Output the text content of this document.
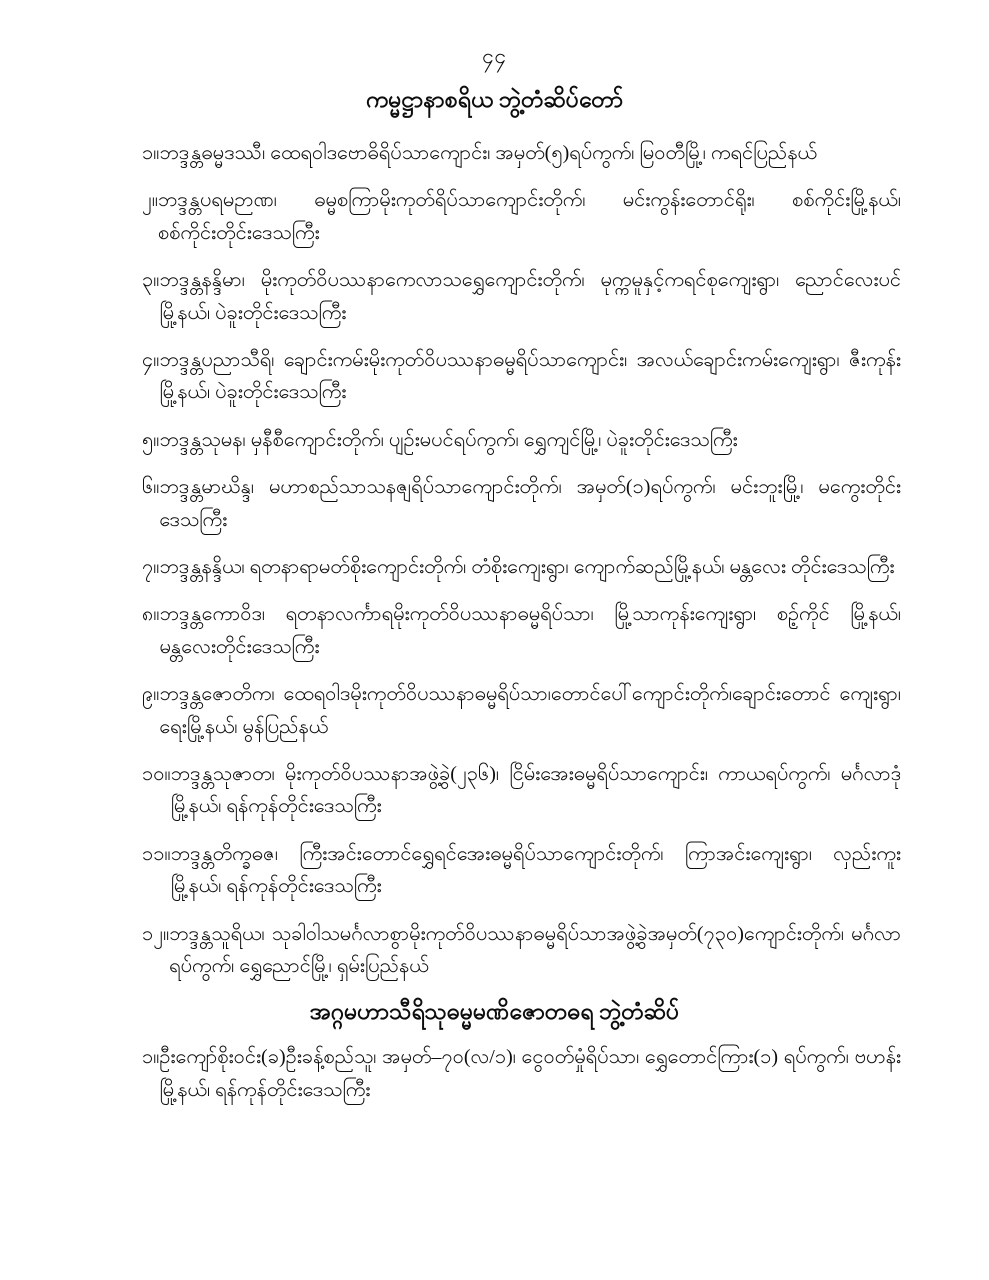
၄၄
ကမ္မဋ္ဌာနာစရိယ ဘွဲ့တံဆိပ်တော်
၁။ ဘဒ္ဒန္တဓမ္မဒဿီ၊ ထေရဝါဒဗောဓိရိပ်သာကျောင်း၊ အမှတ်(၅)ရပ်ကွက်၊ မြဝတီမြို့၊ ကရင်ပြည်နယ်
၂။ ဘဒ္ဒန္တပရမဉာဏ၊ ဓမ္မစကြာမိုးကုတ်ရိပ်သာကျောင်းတိုက်၊ မင်းကွန်းတောင်ရိုး၊ စစ်ကိုင်းမြို့နယ်၊ စစ်ကိုင်းတိုင်းဒေသကြီး
၃။ ဘဒ္ဒန္တနန္ဒိမာ၊ မိုးကုတ်ဝိပဿနာကေလာသရွှေကျောင်းတိုက်၊ မုက္ကမူနှင့်ကရင်စုကျေးရွာ၊ ညောင်လေးပင်မြို့နယ်၊ ပဲခူးတိုင်းဒေသကြီး
၄။ ဘဒ္ဒန္တပညာသီရိ၊ ချောင်းကမ်းမိုးကုတ်ဝိပဿနာဓမ္မရိပ်သာကျောင်း၊ အလယ်ချောင်းကမ်းကျေးရွာ၊ ဇီးကုန်းမြို့နယ်၊ ပဲခူးတိုင်းဒေသကြီး
၅။ ဘဒ္ဒန္တသုမန၊ မှနီစီကျောင်းတိုက်၊ ပျဉ်းမပင်ရပ်ကွက်၊ ရွှေကျင်မြို့၊ ပဲခူးတိုင်းဒေသကြီး
၆။ ဘဒ္ဒန္တမာဃိန္ဒ၊ မဟာစည်သာသနဇျရိပ်သာကျောင်းတိုက်၊ အမှတ်(၁)ရပ်ကွက်၊ မင်းဘူးမြို့၊ မကွေးတိုင်းဒေသကြီး
၇။ ဘဒ္ဒန္တနန္ဒိယ၊ ရတနာရာမတ်စိုးကျောင်းတိုက်၊ တံစိုးကျေးရွာ၊ ကျောက်ဆည်မြို့နယ်၊ မန္တလေး တိုင်းဒေသကြီး
၈။ ဘဒ္ဒန္တကောဝိဒ၊ ရတနာလင်္ကာရမိုးကုတ်ဝိပဿနာဓမ္မရိပ်သာ၊ မြို့သာကုန်းကျေးရွာ၊ စဉ့်ကိုင် မြို့နယ်၊ မန္တလေးတိုင်းဒေသကြီး
၉။ ဘဒ္ဒန္တဇောတိက၊ ထေရဝါဒမိုးကုတ်ဝိပဿနာဓမ္မရိပ်သာ၊တောင်ပေါ်ကျောင်းတိုက်၊ချောင်းတောင် ကျေးရွာ၊ ရေးမြို့နယ်၊ မွန်ပြည်နယ်
၁၀။ ဘဒ္ဒန္တသုဇာတ၊ မိုးကုတ်ဝိပဿနာအဖွဲ့ခွဲ(၂၃၆)၊ ငြိမ်းအေးဓမ္မရိပ်သာကျောင်း၊ ကာယရပ်ကွက်၊ မင်္ဂလာဒုံမြို့နယ်၊ ရန်ကုန်တိုင်းဒေသကြီး
၁၁။ ဘဒ္ဒန္တတိက္ခဓဇ၊ ကြီးအင်းတောင်ရွှေရင်အေးဓမ္မရိပ်သာကျောင်းတိုက်၊ ကြာအင်းကျေးရွာ၊ လှည်းကူးမြို့နယ်၊ ရန်ကုန်တိုင်းဒေသကြီး
၁၂။ ဘဒ္ဒန္တသူရိယ၊ သုခါဝါသမင်္ဂလာစွာမိုးကုတ်ဝိပဿနာဓမ္မရိပ်သာအဖွဲ့ခွဲအမှတ်(၇၃၀)ကျောင်းတိုက်၊ မင်္ဂလာရပ်ကွက်၊ ရွှေညောင်မြို့၊ ရှမ်းပြည်နယ်
အဂ္ဂမဟာသီရိသုဓမ္မမဏိဇောတဓရ ဘွဲ့တံဆိပ်
၁။ ဦးကျော်စိုးဝင်း(ခ)ဦးခန့်စည်သူ၊ အမှတ်–၇၀(လ/၁)၊ ငွေဝတ်မှုံရိပ်သာ၊ ရွှေတောင်ကြား(၁) ရပ်ကွက်၊ ဗဟန်းမြို့နယ်၊ ရန်ကုန်တိုင်းဒေသကြီး
